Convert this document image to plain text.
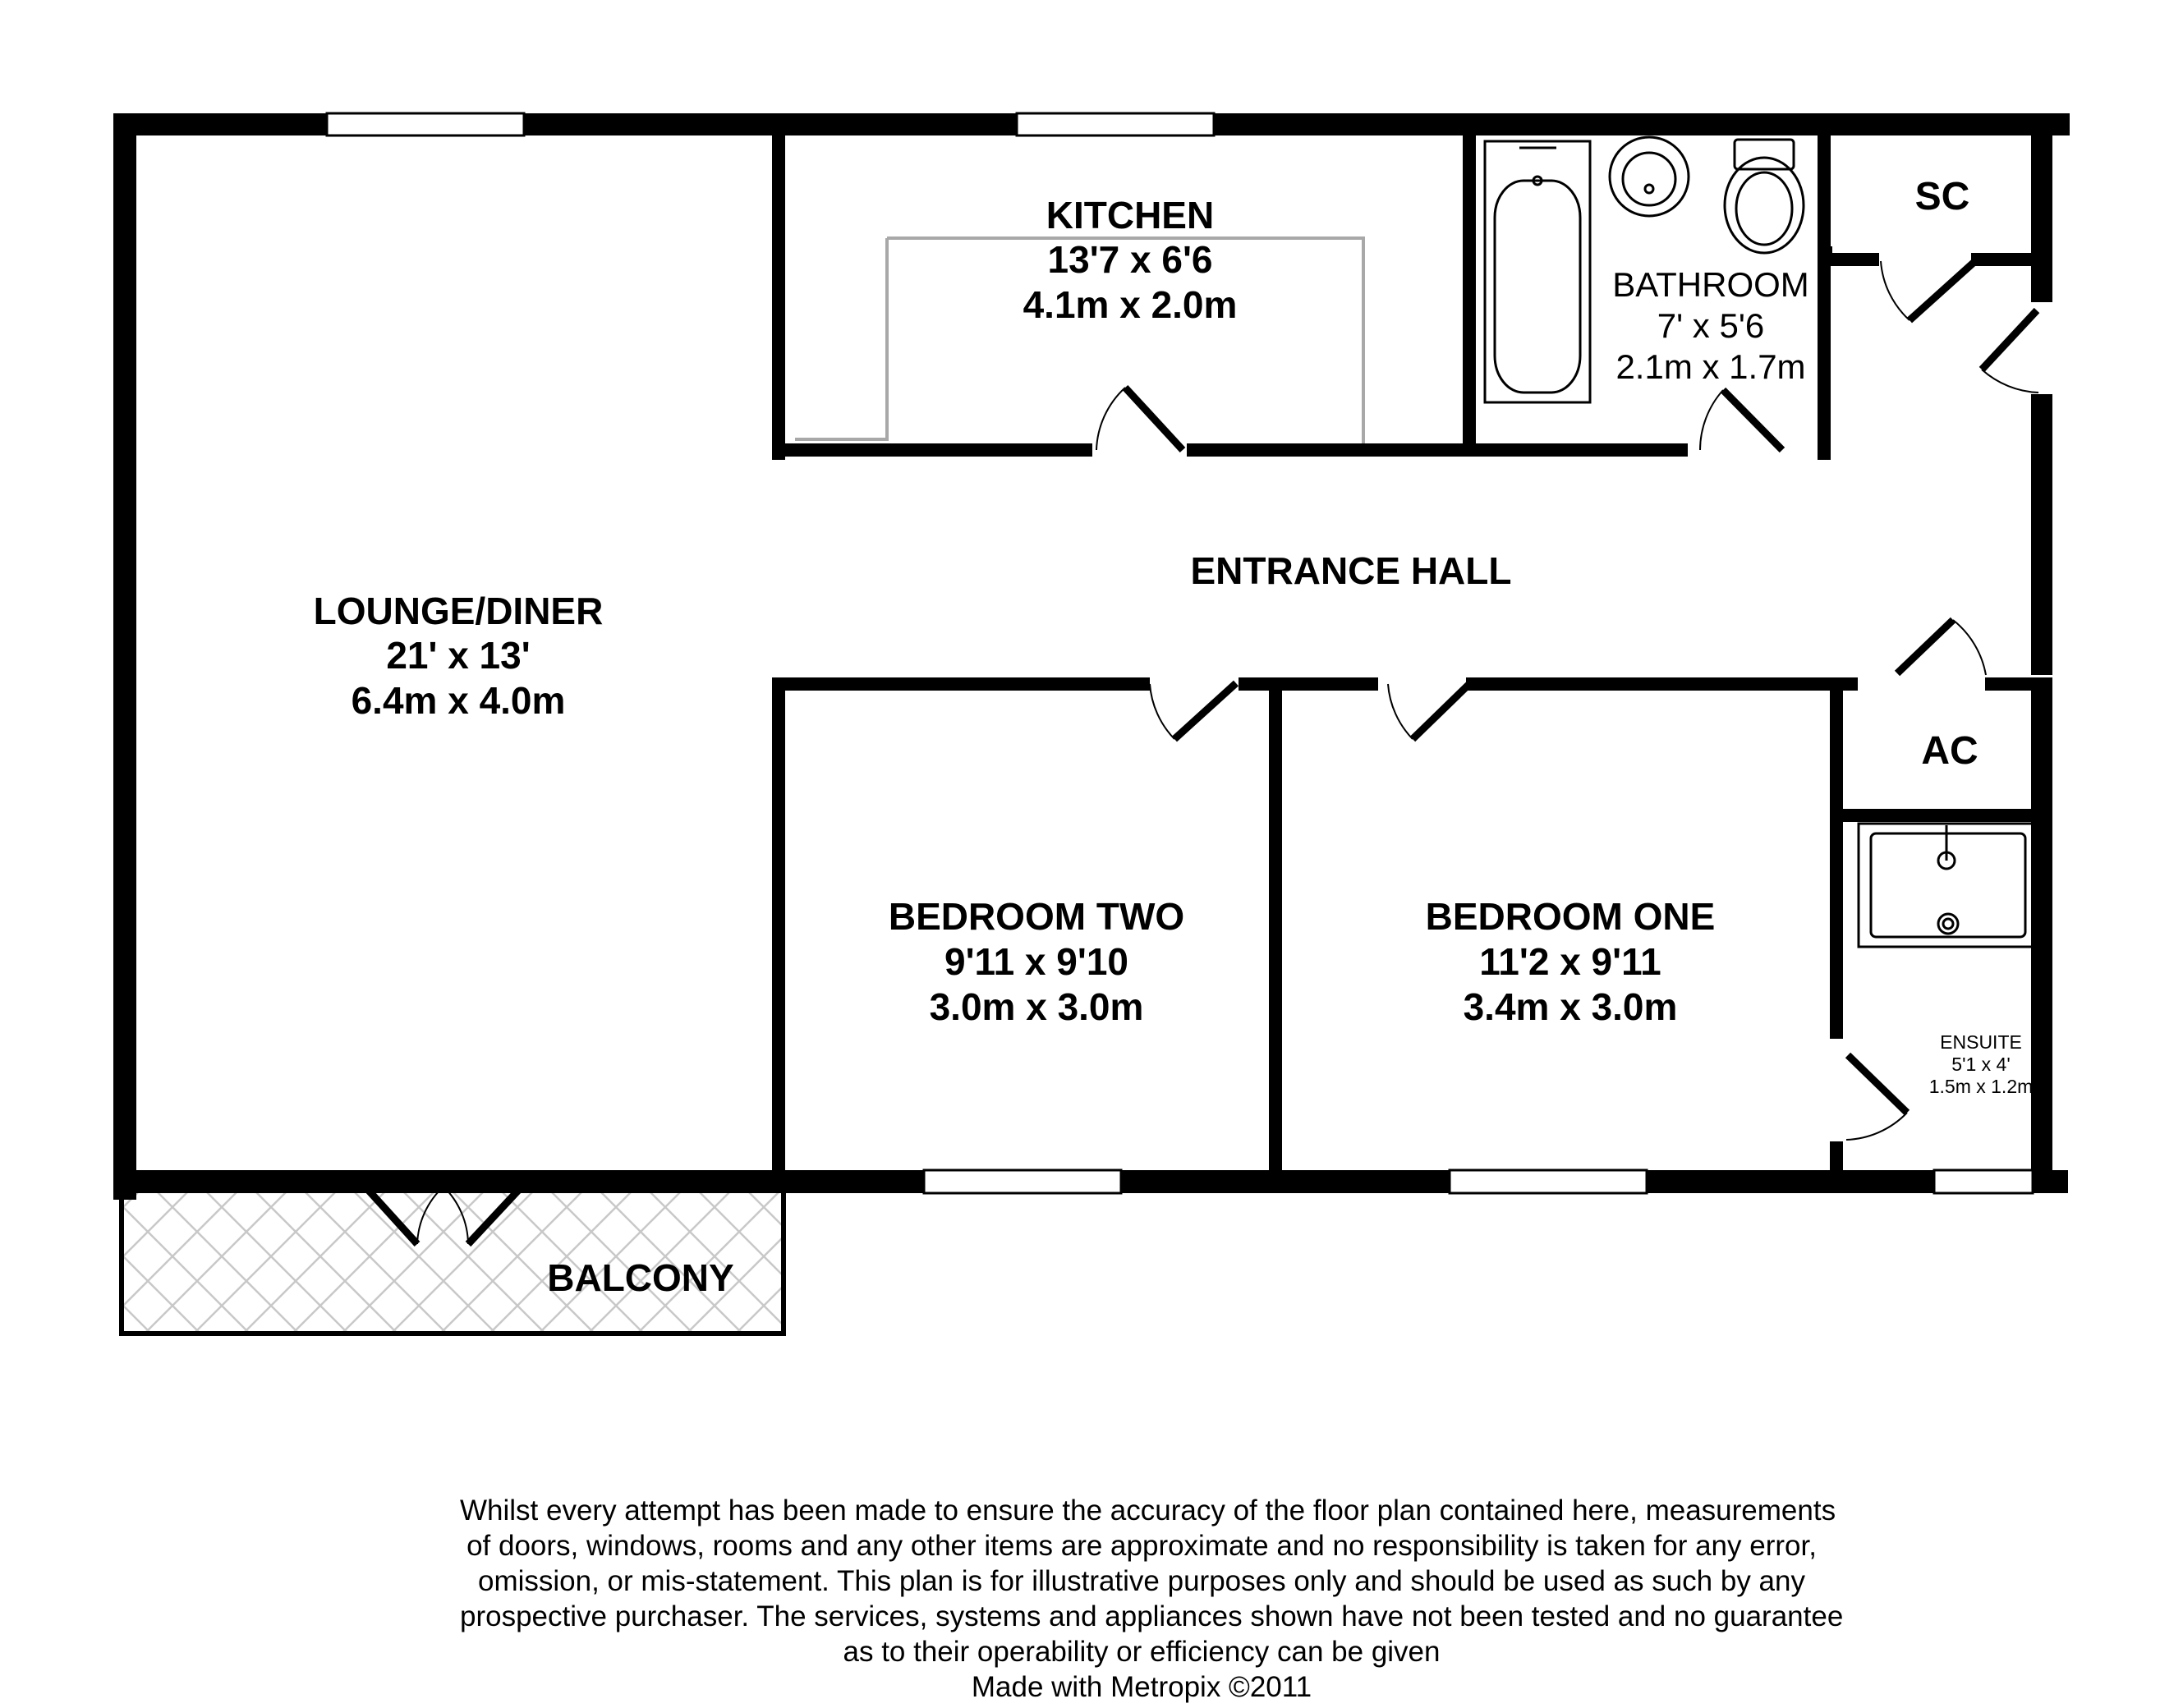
KITCHEN
13'7 x 6'6
4.1m x 2.0m	BATHROOM
7' x 5'6
2.1m x 1.7m
SC
ENTRANCE HALL
LOUNGE/DINER
21' x 13'
6.4m x 4.0m
BEDROOM TWO
9'11 x 9'10
3.0m x 3.0m
BEDROOM ONE
11'2 x 9'11
3.4m x 3.0m
AC
ENSUITE
5'1 x 4'
1.5m x 1.2m
BALCONY
Whilst every attempt has been made to ensure the accuracy of the floor plan contained here, measurements
of doors, windows, rooms and any other items are approximate and no responsibility is taken for any error,
omission, or mis-statement. This plan is for illustrative purposes only and should be used as such by any
prospective purchaser. The services, systems and appliances shown have not been tested and no guarantee
as to their operability or efficiency can be given
Made with Metropix ©2011
